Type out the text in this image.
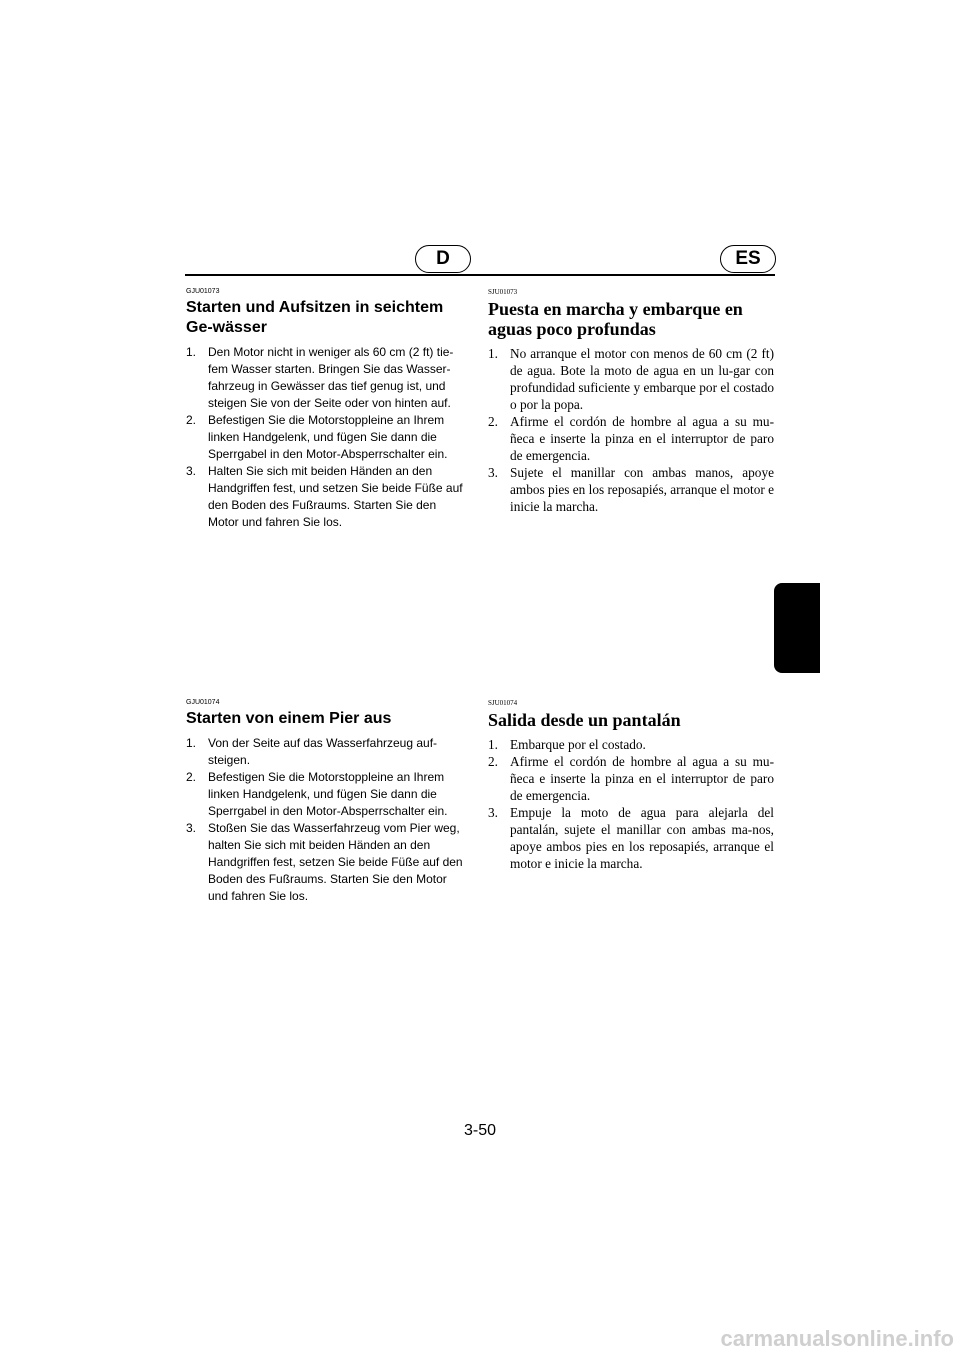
D	ES
GJU01073
Starten und Aufsitzen in seichtem Ge-wässer
1. Den Motor nicht in weniger als 60 cm (2 ft) tie-fem Wasser starten. Bringen Sie das Wasser-fahrzeug in Gewässer das tief genug ist, und steigen Sie von der Seite oder von hinten auf.
2. Befestigen Sie die Motorstoppleine an Ihrem linken Handgelenk, und fügen Sie dann die Sperrgabel in den Motor-Absperrschalter ein.
3. Halten Sie sich mit beiden Händen an den Handgriffen fest, und setzen Sie beide Füße auf den Boden des Fußraums. Starten Sie den Motor und fahren Sie los.
SJU01073
Puesta en marcha y embarque en aguas poco profundas
1. No arranque el motor con menos de 60 cm (2 ft) de agua. Bote la moto de agua en un lu-gar con profundidad suficiente y embarque por el costado o por la popa.
2. Afirme el cordón de hombre al agua a su mu-ñeca e inserte la pinza en el interruptor de paro de emergencia.
3. Sujete el manillar con ambas manos, apoye ambos pies en los reposapiés, arranque el motor e inicie la marcha.
GJU01074
Starten von einem Pier aus
1. Von der Seite auf das Wasserfahrzeug auf-steigen.
2. Befestigen Sie die Motorstoppleine an Ihrem linken Handgelenk, und fügen Sie dann die Sperrgabel in den Motor-Absperrschalter ein.
3. Stoßen Sie das Wasserfahrzeug vom Pier weg, halten Sie sich mit beiden Händen an den Handgriffen fest, setzen Sie beide Füße auf den Boden des Fußraums. Starten Sie den Motor und fahren Sie los.
SJU01074
Salida desde un pantalán
1. Embarque por el costado.
2. Afirme el cordón de hombre al agua a su mu-ñeca e inserte la pinza en el interruptor de paro de emergencia.
3. Empuje la moto de agua para alejarla del pantalán, sujete el manillar con ambas ma-nos, apoye ambos pies en los reposapiés, arranque el motor e inicie la marcha.
3-50
carmanualsonline.info
